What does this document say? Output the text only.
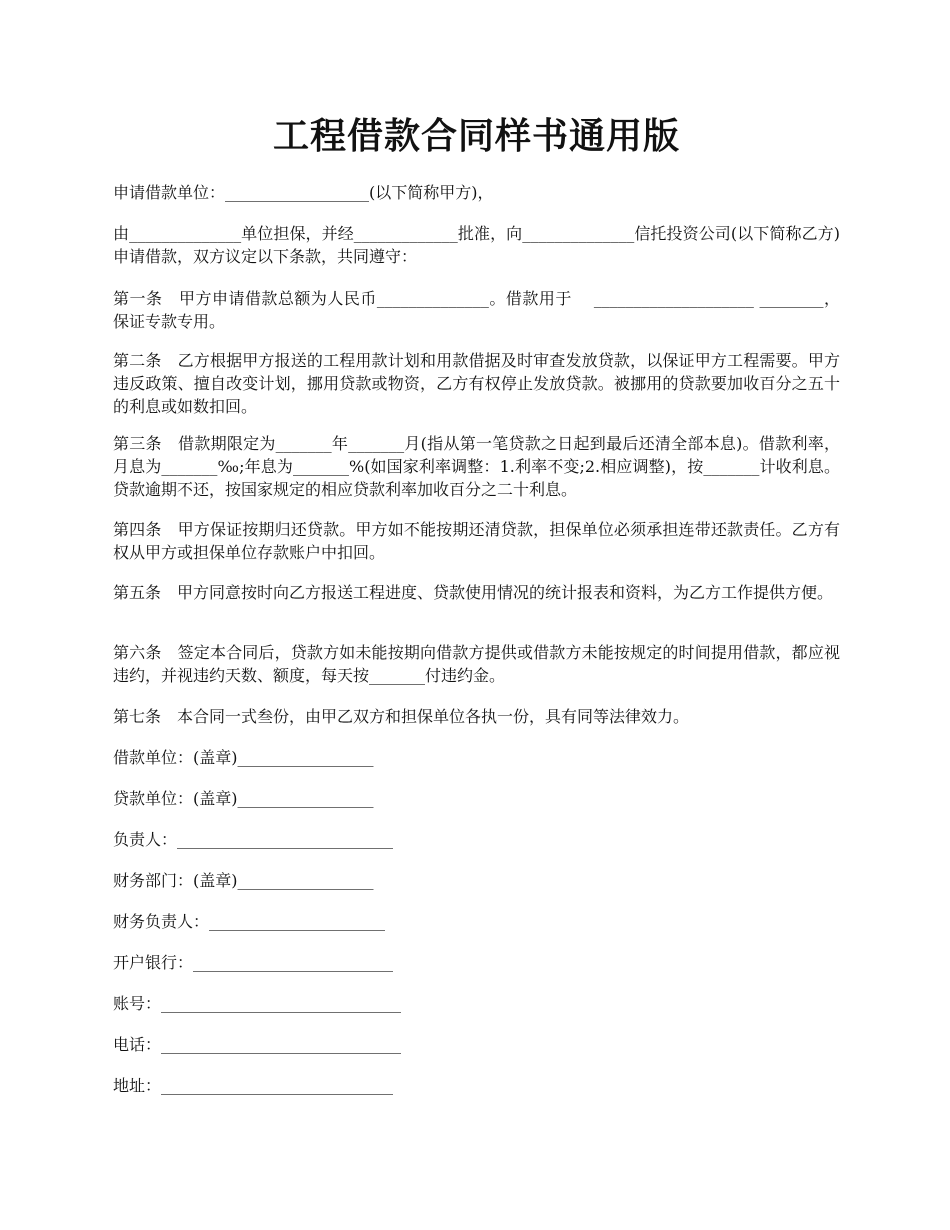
工程借款合同样书通用版

申请借款单位：__________________(以下简称甲方)，

由______________单位担保，并经_____________批准，向______________信托投资公司(以下简称乙方)申请借款，双方议定以下条款，共同遵守：

第一条　甲方申请借款总额为人民币______________。借款用于　 ____________________ ________，保证专款专用。

第二条　乙方根据甲方报送的工程用款计划和用款借据及时审查发放贷款，以保证甲方工程需要。甲方违反政策、擅自改变计划，挪用贷款或物资，乙方有权停止发放贷款。被挪用的贷款要加收百分之五十的利息或如数扣回。

第三条　借款期限定为_______年_______月(指从第一笔贷款之日起到最后还清全部本息)。借款利率，月息为_______‰;年息为_______%(如国家利率调整：1.利率不变;2.相应调整)，按_______计收利息。贷款逾期不还，按国家规定的相应贷款利率加收百分之二十利息。

第四条　甲方保证按期归还贷款。甲方如不能按期还清贷款，担保单位必须承担连带还款责任。乙方有权从甲方或担保单位存款账户中扣回。

第五条　甲方同意按时向乙方报送工程进度、贷款使用情况的统计报表和资料，为乙方工作提供方便。

第六条　签定本合同后，贷款方如未能按期向借款方提供或借款方未能按规定的时间提用借款，都应视违约，并视违约天数、额度，每天按_______付违约金。

第七条　本合同一式叁份，由甲乙双方和担保单位各执一份，具有同等法律效力。

借款单位：(盖章)_________________

贷款单位：(盖章)_________________

负责人：___________________________

财务部门：(盖章)_________________

财务负责人：______________________

开户银行：_________________________

账号：______________________________

电话：______________________________

地址：_____________________________
